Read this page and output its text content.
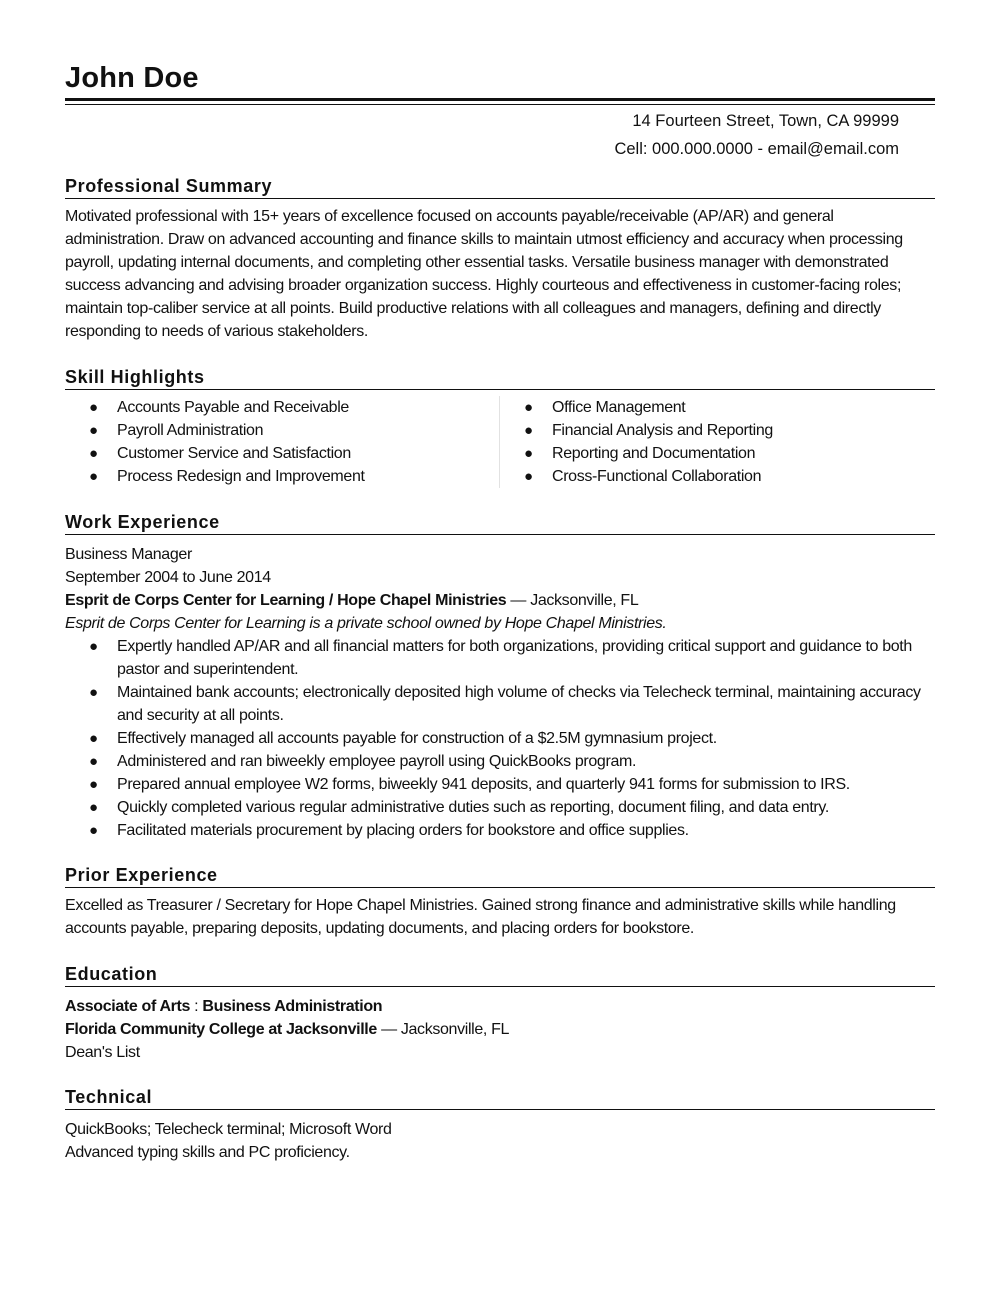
John Doe
14 Fourteen Street, Town, CA 99999
Cell: 000.000.0000 - email@email.com
Professional Summary
Motivated professional with 15+ years of excellence focused on accounts payable/receivable (AP/AR) and general administration. Draw on advanced accounting and finance skills to maintain utmost efficiency and accuracy when processing payroll, updating internal documents, and completing other essential tasks. Versatile business manager with demonstrated success advancing and advising broader organization success. Highly courteous and effectiveness in customer-facing roles; maintain top-caliber service at all points. Build productive relations with all colleagues and managers, defining and directly responding to needs of various stakeholders.
Skill Highlights
● Accounts Payable and Receivable
● Payroll Administration
● Customer Service and Satisfaction
● Process Redesign and Improvement
● Office Management
● Financial Analysis and Reporting
● Reporting and Documentation
● Cross-Functional Collaboration
Work Experience
Business Manager
September 2004 to June 2014
Esprit de Corps Center for Learning / Hope Chapel Ministries — Jacksonville, FL
Esprit de Corps Center for Learning is a private school owned by Hope Chapel Ministries.
● Expertly handled AP/AR and all financial matters for both organizations, providing critical support and guidance to both pastor and superintendent.
● Maintained bank accounts; electronically deposited high volume of checks via Telecheck terminal, maintaining accuracy and security at all points.
● Effectively managed all accounts payable for construction of a $2.5M gymnasium project.
● Administered and ran biweekly employee payroll using QuickBooks program.
● Prepared annual employee W2 forms, biweekly 941 deposits, and quarterly 941 forms for submission to IRS.
● Quickly completed various regular administrative duties such as reporting, document filing, and data entry.
● Facilitated materials procurement by placing orders for bookstore and office supplies.
Prior Experience
Excelled as Treasurer / Secretary for Hope Chapel Ministries. Gained strong finance and administrative skills while handling accounts payable, preparing deposits, updating documents, and placing orders for bookstore.
Education
Associate of Arts : Business Administration
Florida Community College at Jacksonville — Jacksonville, FL
Dean's List
Technical
QuickBooks; Telecheck terminal; Microsoft Word
Advanced typing skills and PC proficiency.
